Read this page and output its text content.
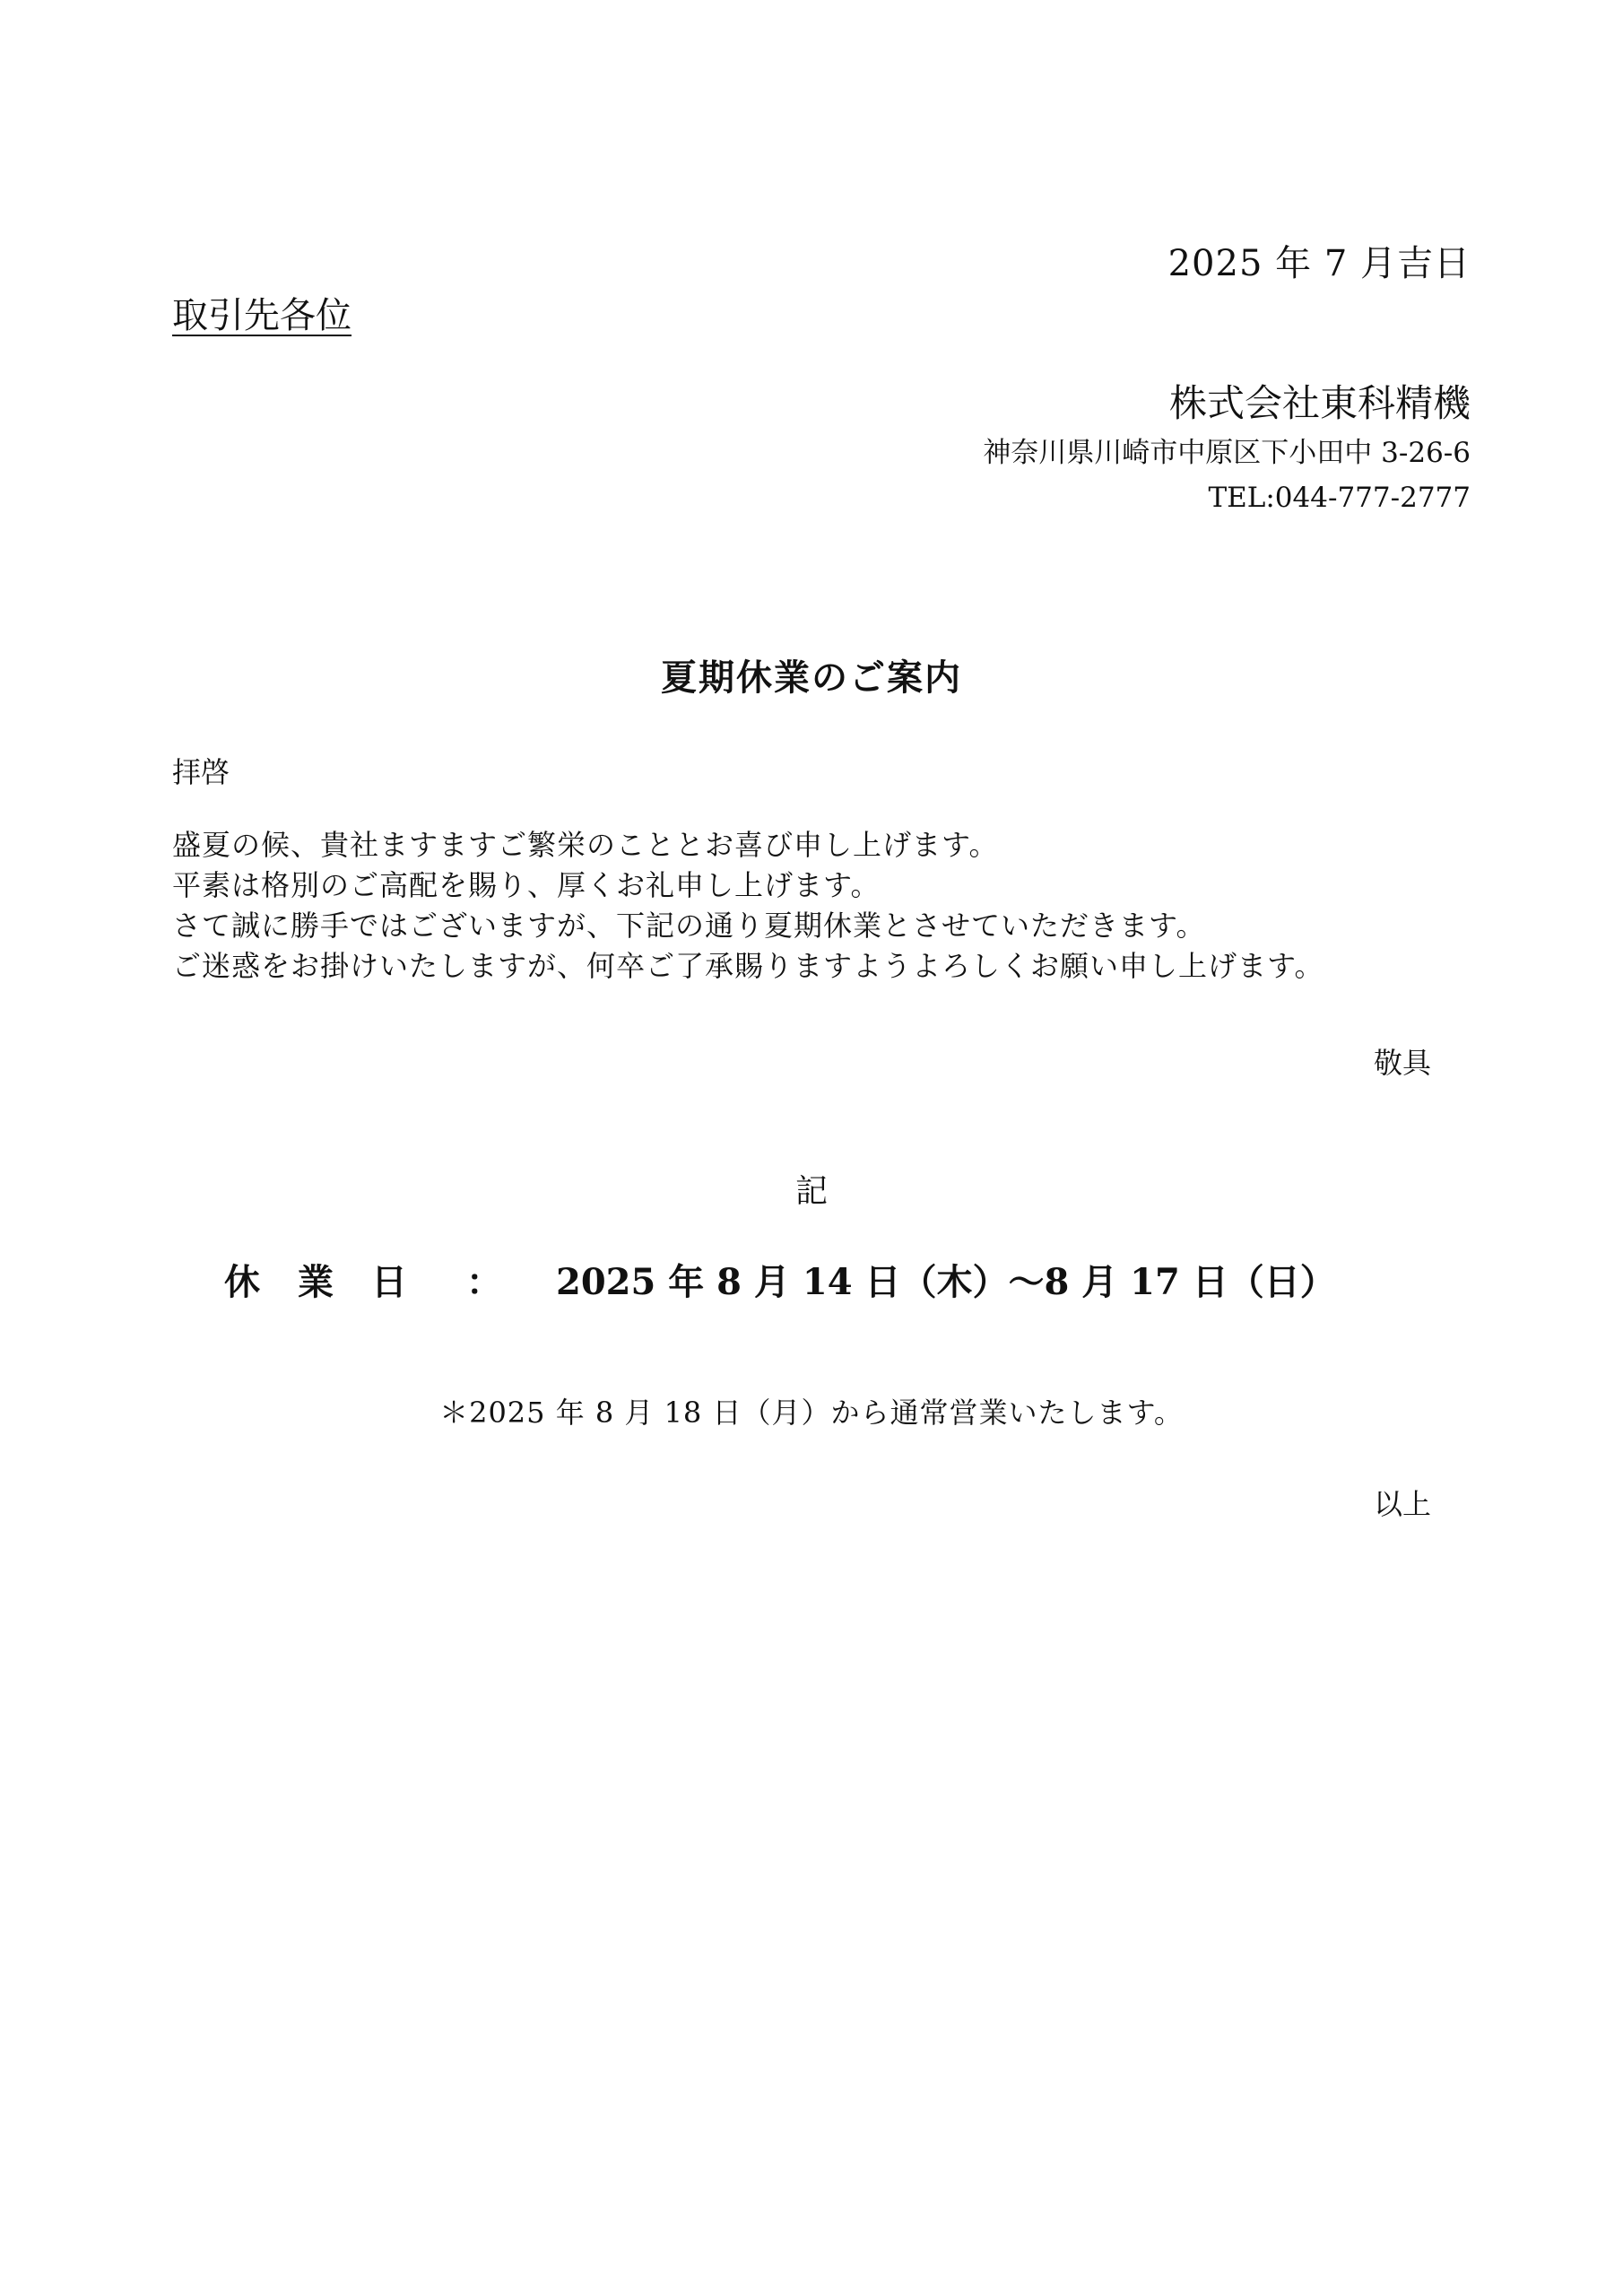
2025 年 7 月吉日
取引先各位
株式会社東科精機
神奈川県川崎市中原区下小田中 3-26-6
TEL:044-777-2777
夏期休業のご案内
拝啓
盛夏の候、貴社ますますご繁栄のこととお喜び申し上げます。
平素は格別のご高配を賜り、厚くお礼申し上げます。
さて誠に勝手ではございますが、下記の通り夏期休業とさせていただきます。
ご迷惑をお掛けいたしますが、何卒ご了承賜りますようよろしくお願い申し上げます。
敬具
記
休業日 ：	2025 年 8 月 14 日（木）～8 月 17 日（日）
＊2025 年 8 月 18 日（月）から通常営業いたします。
以上
